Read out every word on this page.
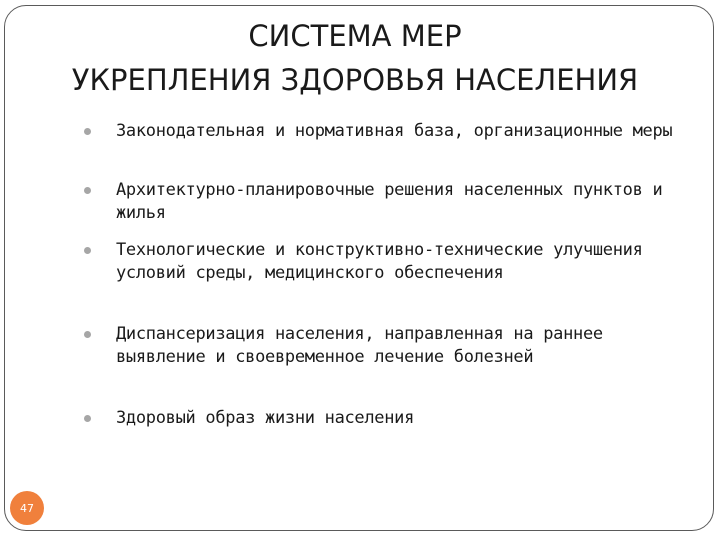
СИСТЕМА МЕР
УКРЕПЛЕНИЯ ЗДОРОВЬЯ НАСЕЛЕНИЯ
Законодательная и нормативная база, организационные меры
Архитектурно-планировочные решения населенных пунктов и жилья
Технологические и конструктивно-технические улучшения условий среды, медицинского обеспечения
Диспансеризация населения, направленная на раннее выявление и своевременное лечение болезней
Здоровый образ жизни населения
47
